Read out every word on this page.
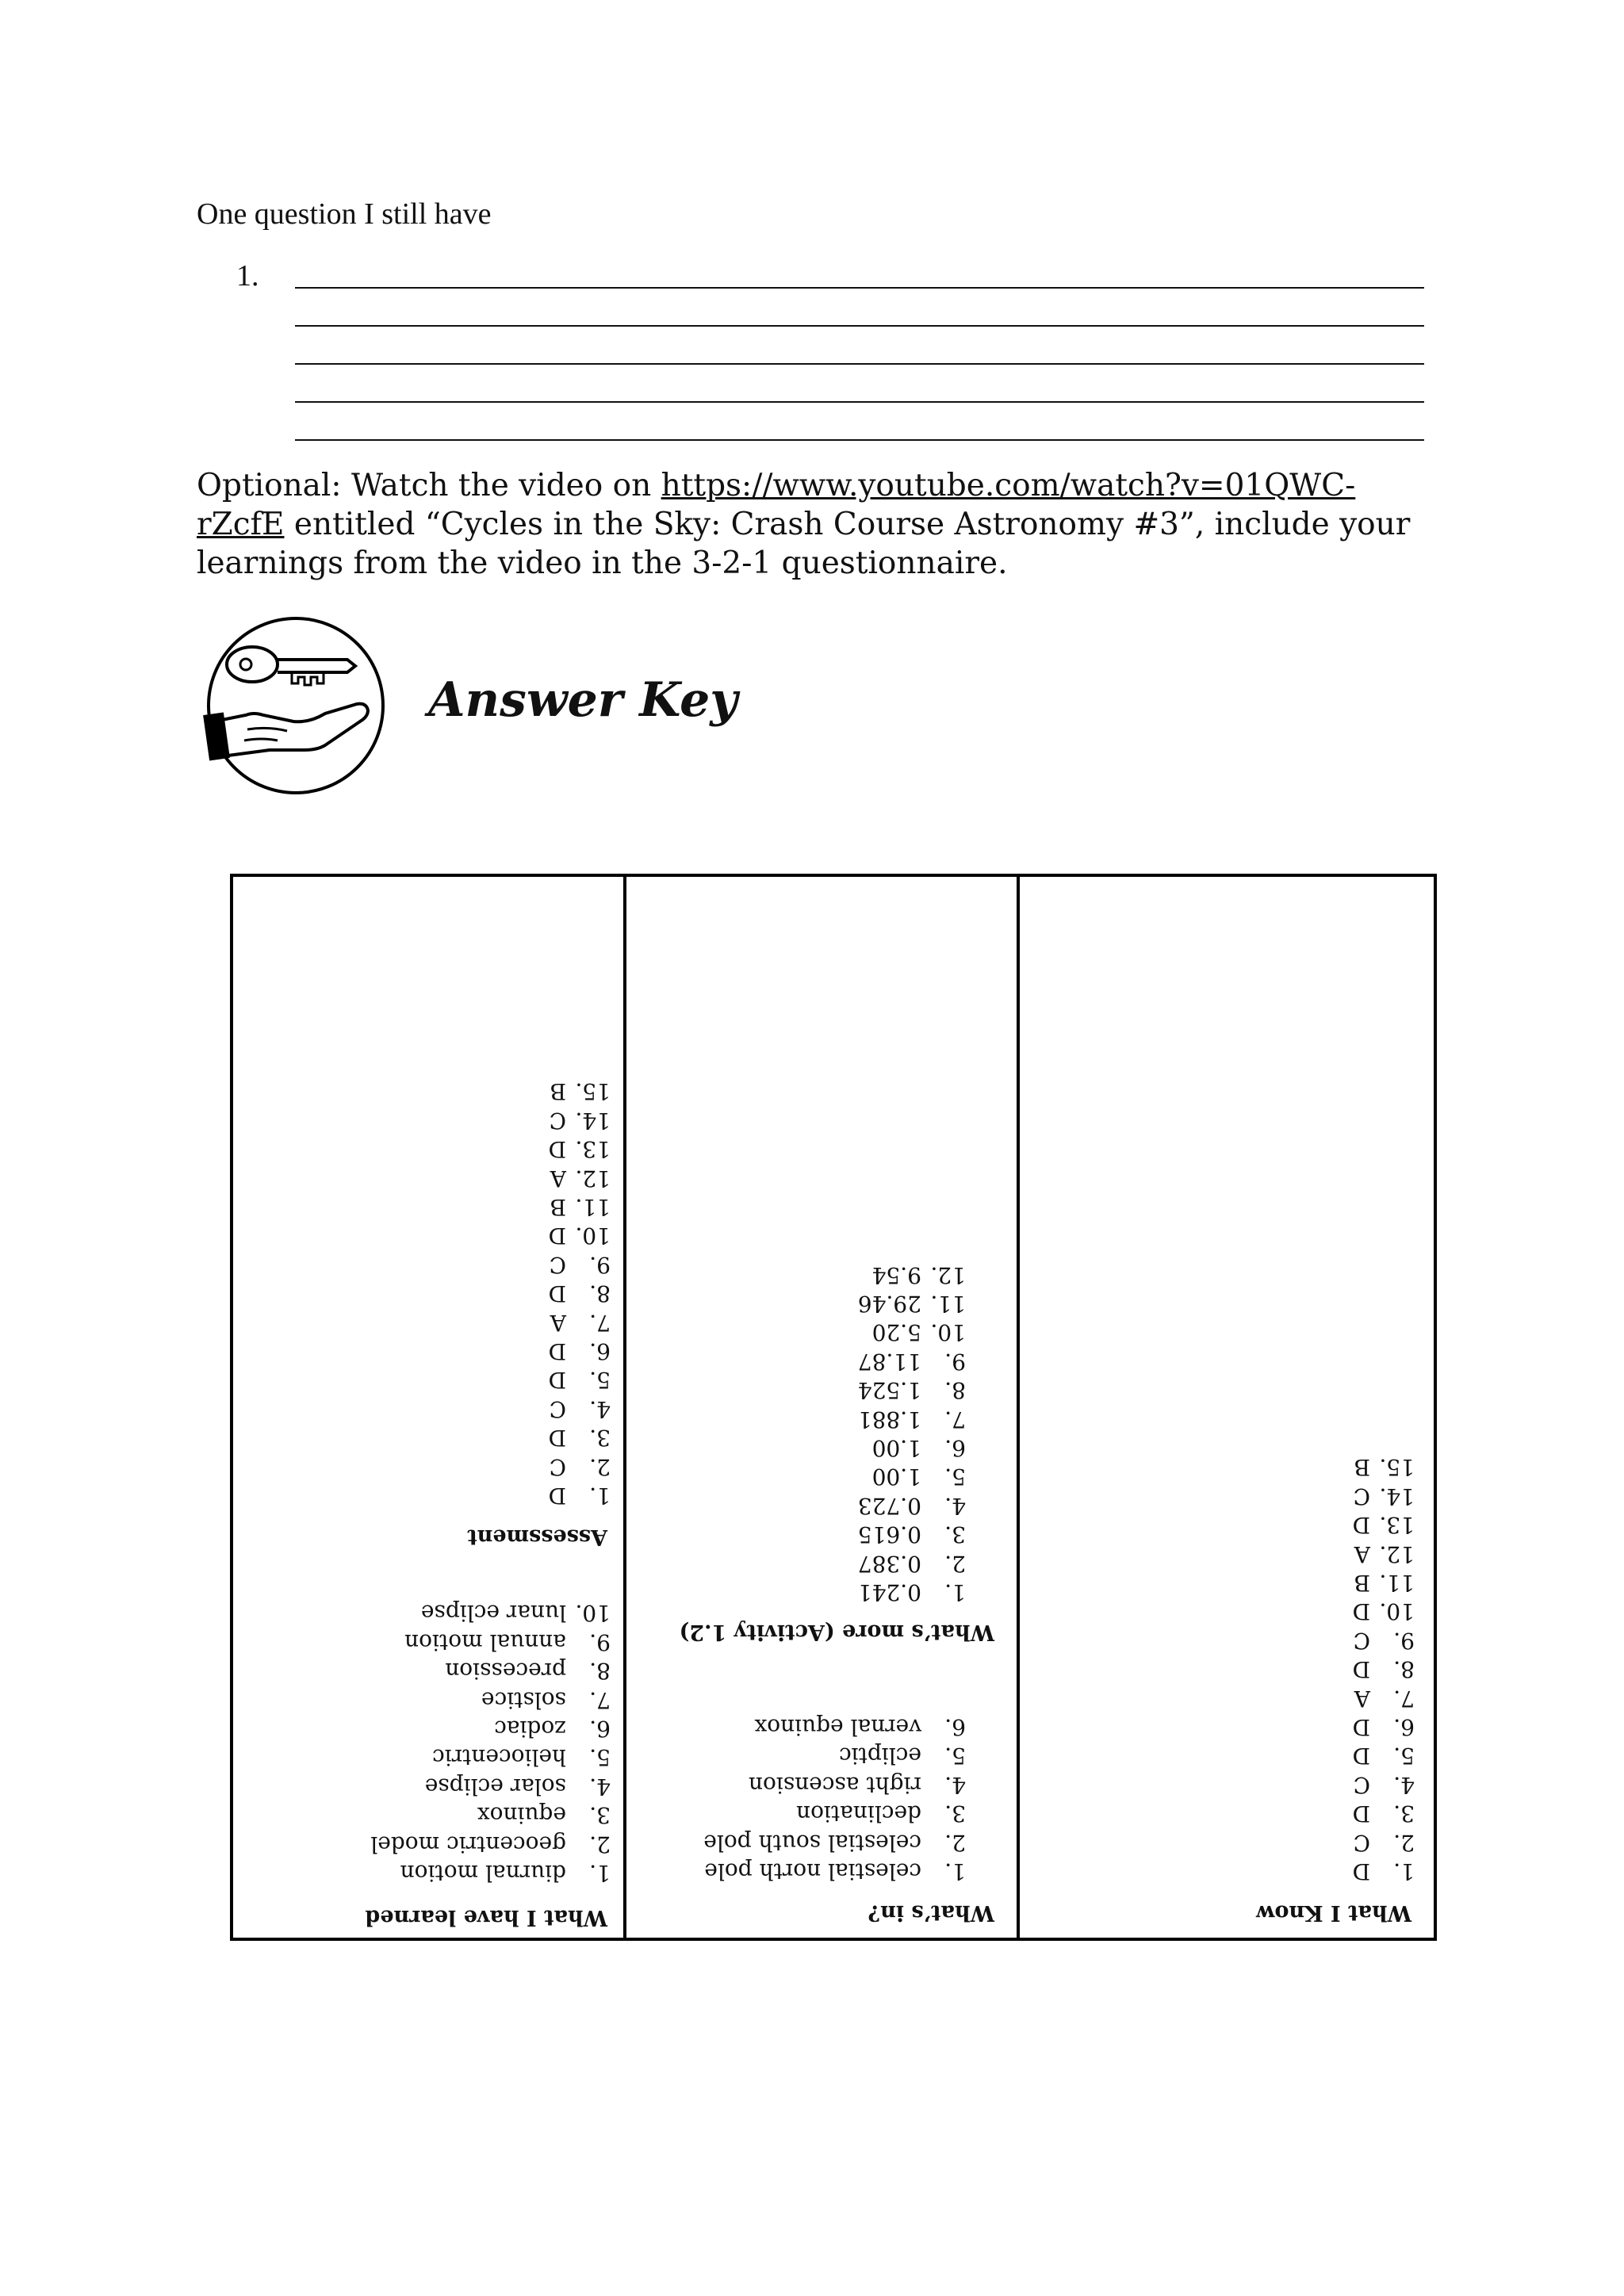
One question I still have
1.
Optional: Watch the video on https://www.youtube.com/watch?v=01QWC-rZcfE entitled “Cycles in the Sky: Crash Course Astronomy #3”, include your learnings from the video in the 3-2-1 questionnaire.
Answer Key
What I have learned
1.diurnal motion
2.geocentric model
3.equinox
4.solar eclipse
5.heliocentric
6.zodiac
7.solstice
8.precession
9.annual motion
10.lunar eclipse
Assessment
1.D
2.C
3.D
4.C
5.D
6.D
7.A
8.D
9.C
10.D
11.B
12.A
13.D
14.C
15.B
What’s in?
1.celestial north pole
2.celestial south pole
3.declination
4.right ascension
5.ecliptic
6.vernal equinox
What’s more (Activity 1.2)
1.0.241
2.0.387
3.0.615
4.0.723
5.1.00
6.1.00
7.1.881
8.1.524
9.11.87
10.5.20
11.29.46
12.9.54
What I Know
1.D
2.C
3.D
4.C
5.D
6.D
7.A
8.D
9.C
10.D
11.B
12.A
13.D
14.C
15.B
